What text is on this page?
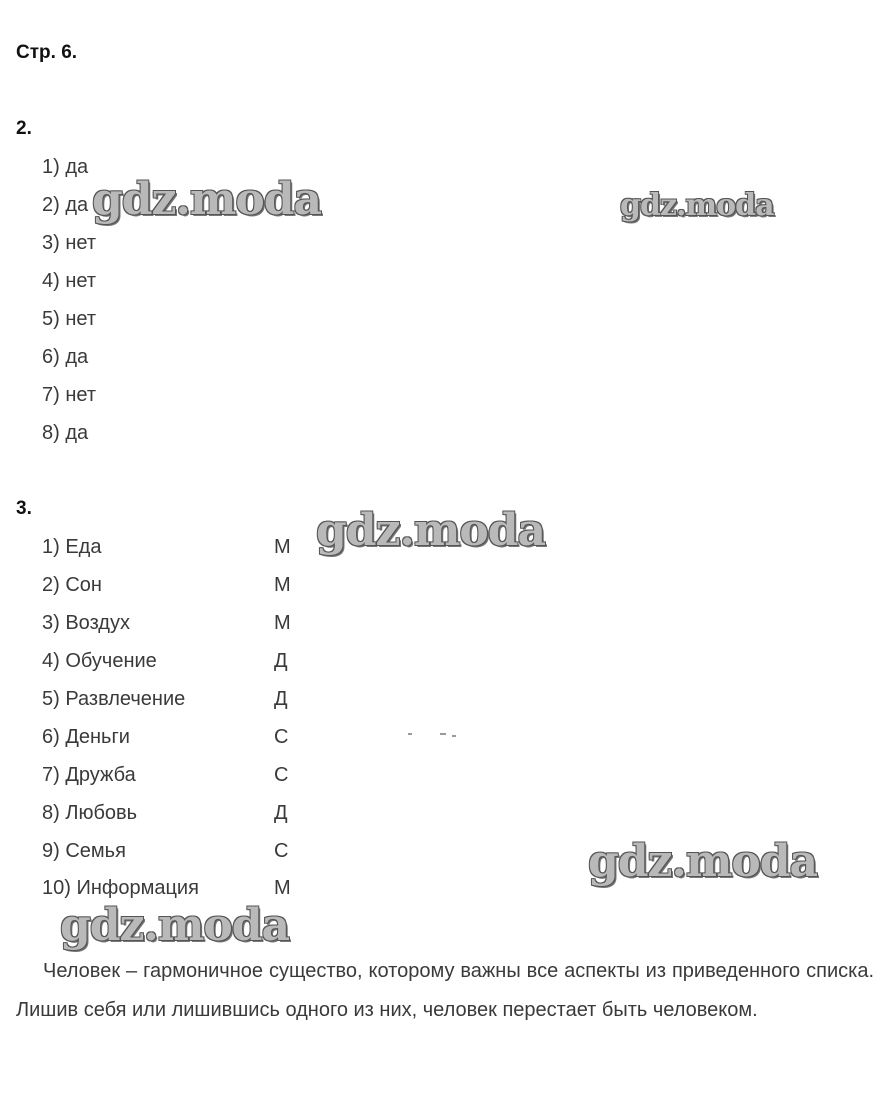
Стр. 6.
2.
1) да
2) да
3) нет
4) нет
5) нет
6) да
7) нет
8) да
3.
1) Еда	М
2) Сон	М
3) Воздух	М
4) Обучение	Д
5) Развлечение	Д
6) Деньги	С
7) Дружба	С
8) Любовь	Д
9) Семья	С
10) Информация	М
Человек – гармоничное существо, которому важны все аспекты из приведенного списка. Лишив себя или лишившись одного из них, человек перестает быть человеком.
gdz.moda	gdz.moda
gdz.moda
gdz.moda
gdz.moda
